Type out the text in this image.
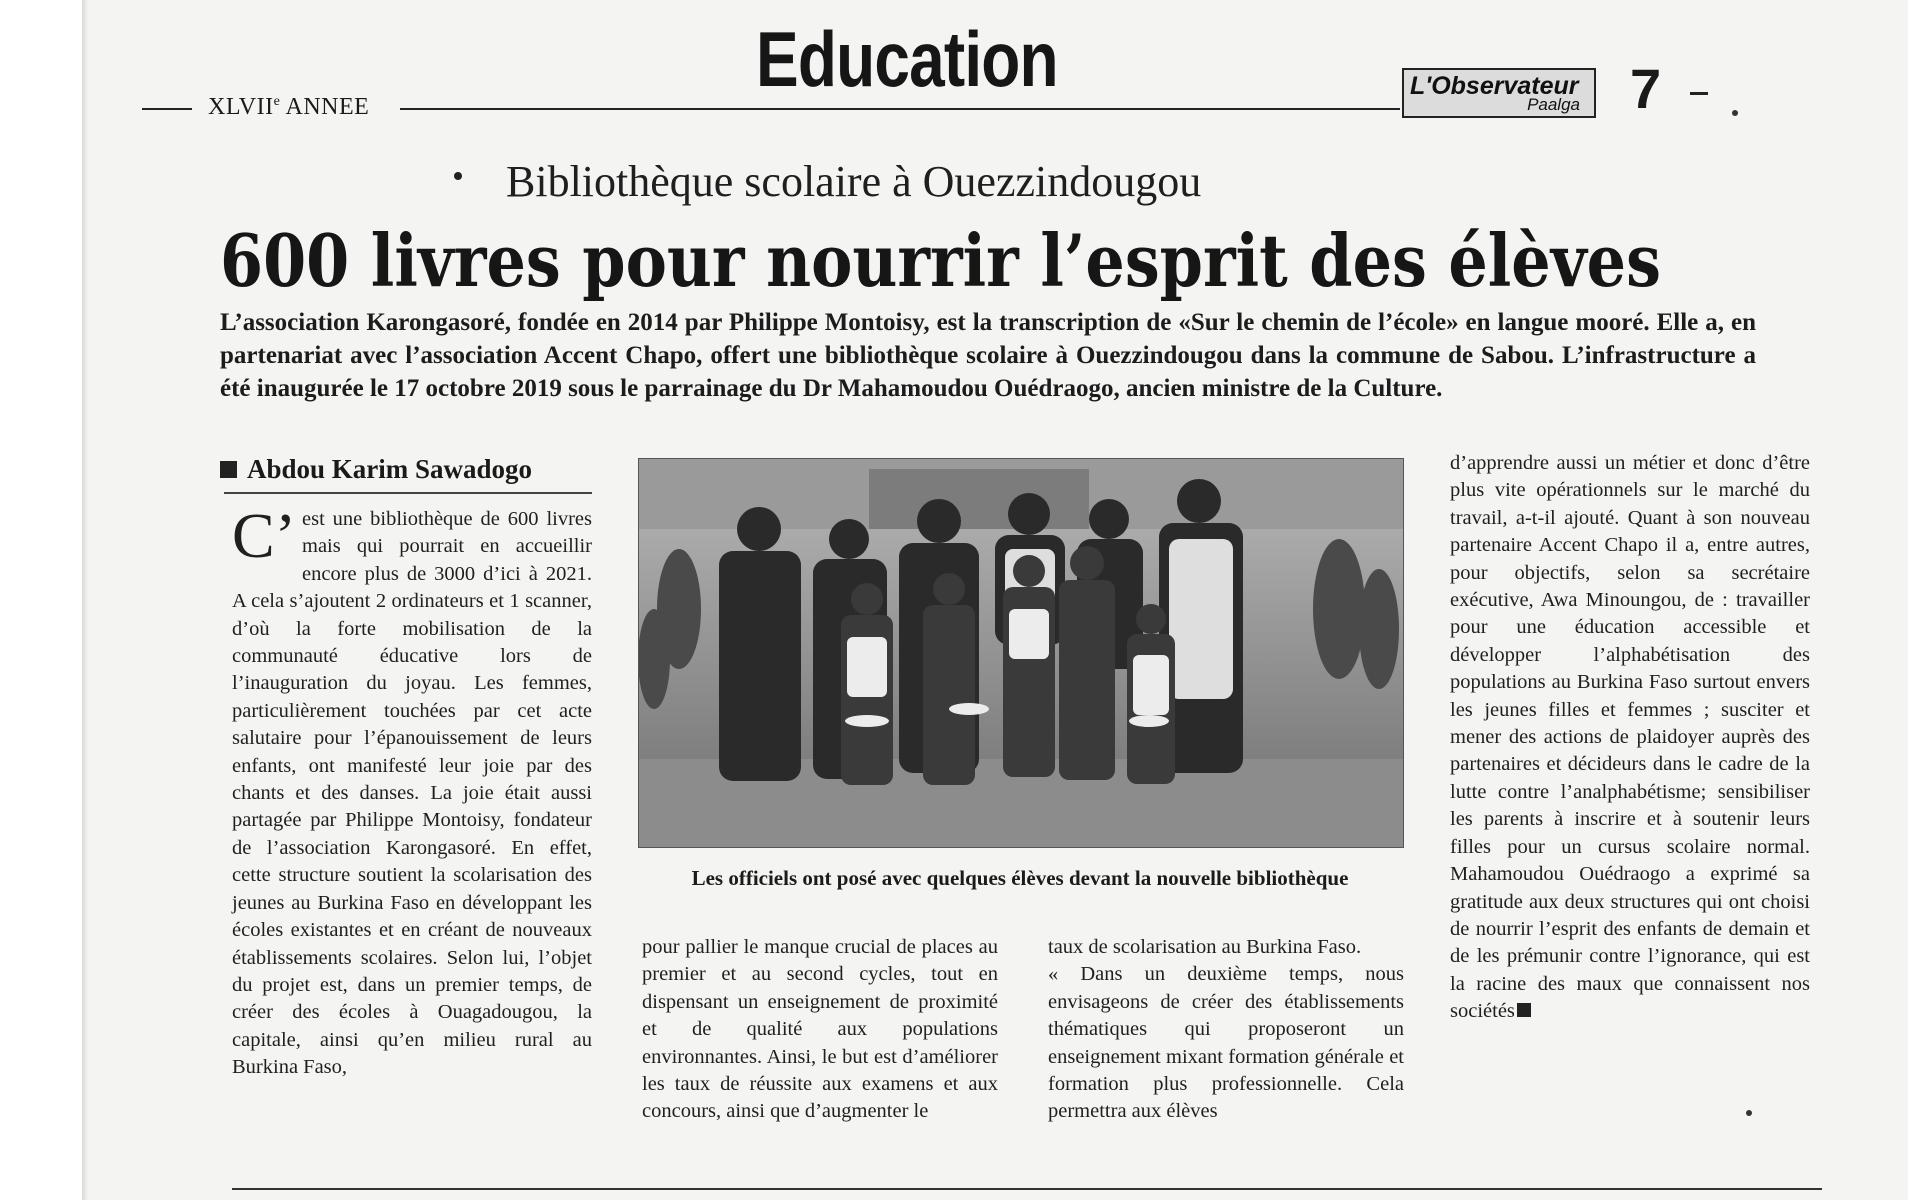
XLVIIe ANNEE
Education	L'Observateur
Paalga 7
Bibliothèque scolaire à Ouezzindougou
600 livres pour nourrir l’esprit des élèves
L’association Karongasoré, fondée en 2014 par Philippe Montoisy, est la transcription de «Sur le chemin de l’école» en langue mooré. Elle a, en partenariat avec l’association Accent Chapo, offert une bibliothèque scolaire à Ouezzindougou dans la commune de Sabou. L’infrastructure a été inaugurée le 17 octobre 2019 sous le parrainage du Dr Mahamoudou Ouédraogo, ancien ministre de la Culture.
Abdou Karim Sawadogo

C’est une bibliothèque de 600 livres mais qui pourrait en accueillir encore plus de 3000 d’ici à 2021. A cela s’ajoutent 2 ordinateurs et 1 scanner, d’où la forte mobilisation de la communauté éducative lors de l’inauguration du joyau. Les femmes, particulièrement touchées par cet acte salutaire pour l’épanouissement de leurs enfants, ont manifesté leur joie par des chants et des danses. La joie était aussi partagée par Philippe Montoisy, fondateur de l’association Karongasoré. En effet, cette structure soutient la scolarisation des jeunes au Burkina Faso en développant les écoles existantes et en créant de nouveaux établissements scolaires. Selon lui, l’objet du projet est, dans un premier temps, de créer des écoles à Ouagadougou, la capitale, ainsi qu’en milieu rural au Burkina Faso,

Les officiels ont posé avec quelques élèves devant la nouvelle bibliothèque

pour pallier le manque crucial de places au premier et au second cycles, tout en dispensant un enseignement de proximité et de qualité aux populations environnantes. Ainsi, le but est d’améliorer les taux de réussite aux examens et aux concours, ainsi que d’augmenter le

taux de scolarisation au Burkina Faso.

« Dans un deuxième temps, nous envisageons de créer des établissements thématiques qui proposeront un enseignement mixant formation générale et formation plus professionnelle. Cela permettra aux élèves

d’apprendre aussi un métier et donc d’être plus vite opérationnels sur le marché du travail, a-t-il ajouté. Quant à son nouveau partenaire Accent Chapo il a, entre autres, pour objectifs, selon sa secrétaire exécutive, Awa Minoungou, de : travailler pour une éducation accessible et développer l’alphabétisation des populations au Burkina Faso surtout envers les jeunes filles et femmes ; susciter et mener des actions de plaidoyer auprès des partenaires et décideurs dans le cadre de la lutte contre l’analphabétisme; sensibiliser les parents à inscrire et à soutenir leurs filles pour un cursus scolaire normal. Mahamoudou Ouédraogo a exprimé sa gratitude aux deux structures qui ont choisi de nourrir l’esprit des enfants de demain et de les prémunir contre l’ignorance, qui est la racine des maux que connaissent nos sociétés
